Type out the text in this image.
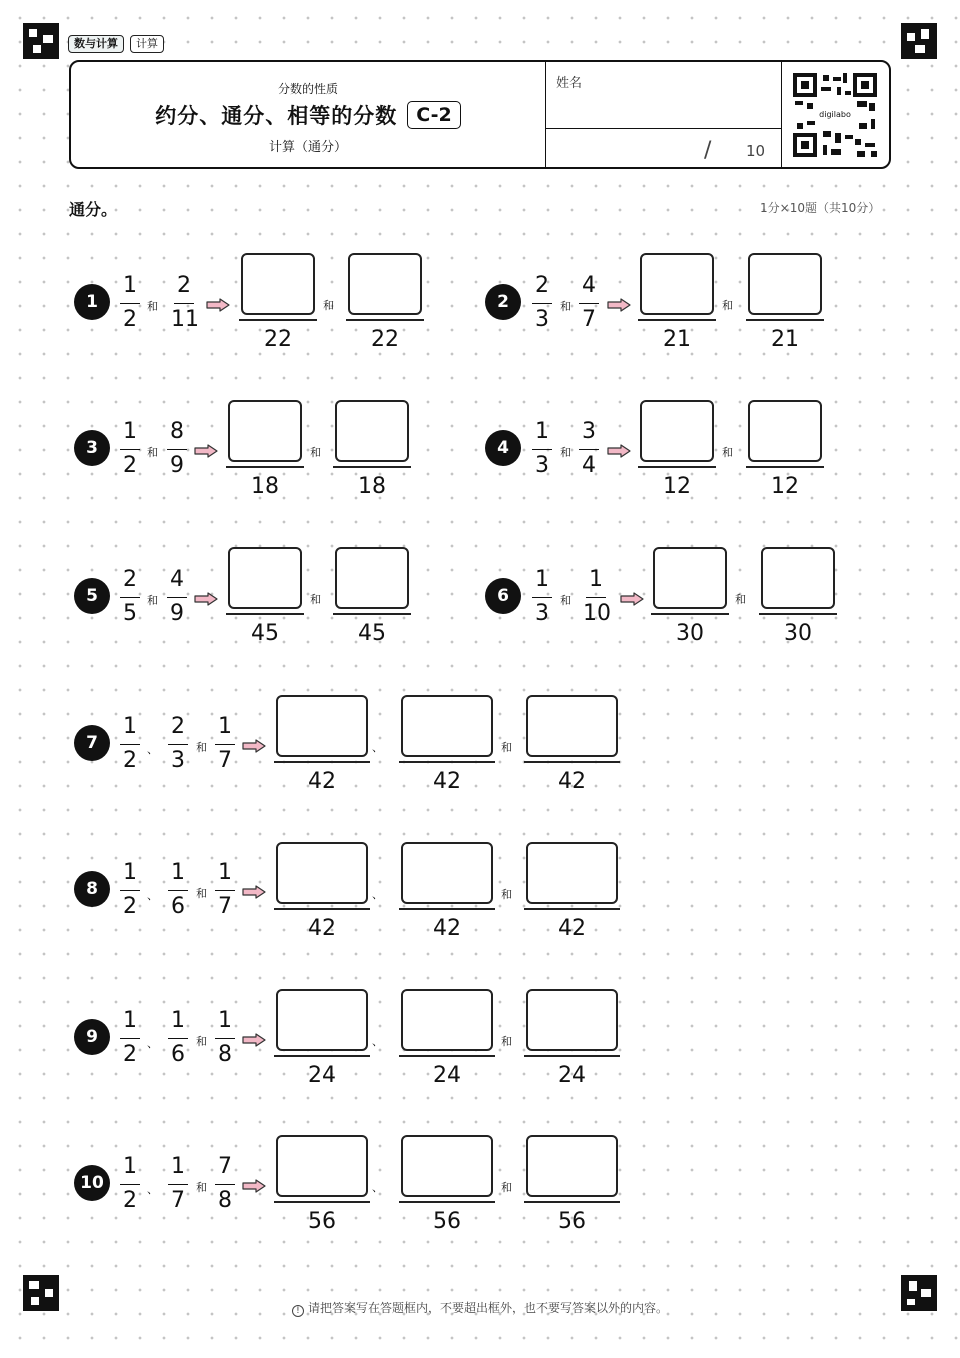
数与计算	计算
分数的性质
约分、通分、相等的分数	C-2
计算（通分）
姓名
/ 10
digilabo
通分。	1分×10题（共10分）
1
1
2
2
11
和
22
和
22
2
2
3
4
7
和
21
和
21
3
1
2
8
9
和
18
和
18
4
1
3
3
4
和
12
和
12
5
2
5
4
9
和
45
和
45
6
1
3
1
10
和
30
和
30
7
1
2
2
3
1
7
、	和
42
、
42
和
42
8
1
2
1
6
1
7
、	和
42
、
42
和
42
9
1
2
1
6
1
8
、	和
24
、
24
和
24
10
1
2
1
7
7
8
、	和
56
、
56
和
56
! 请把答案写在答题框内，不要超出框外，也不要写答案以外的内容。
